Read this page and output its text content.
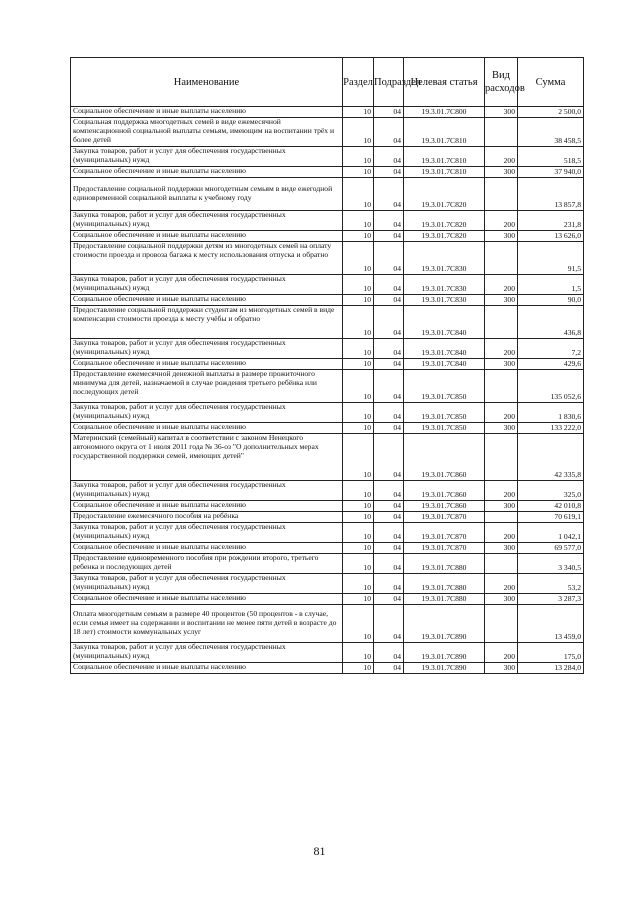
Наименование	Раздел	Подраздел	Целевая статья	Вид расходов	Сумма
Социальное обеспечение и иные выплаты населению	10	04	19.3.01.7С800	300	2 500,0
Социальная поддержка многодетных семей в виде ежемесячной компенсационной социальной выплаты семьям, имеющим на воспитании трёх и более детей	10	04	19.3.01.7С810		38 458,5
Закупка товаров, работ и услуг для обеспечения государственных (муниципальных) нужд	10	04	19.3.01.7С810	200	518,5
Социальное обеспечение и иные выплаты населению	10	04	19.3.01.7С810	300	37 940,0
Предоставление социальной поддержки многодетным семьям в виде ежегодной единовременной социальной выплаты к учебному году	10	04	19.3.01.7С820		13 857,8
Закупка товаров, работ и услуг для обеспечения государственных (муниципальных) нужд	10	04	19.3.01.7С820	200	231,8
Социальное обеспечение и иные выплаты населению	10	04	19.3.01.7С820	300	13 626,0
Предоставление социальной поддержки детям из многодетных семей на оплату стоимости проезда и провоза багажа к месту использования отпуска и обратно	10	04	19.3.01.7С830		91,5
Закупка товаров, работ и услуг для обеспечения государственных (муниципальных) нужд	10	04	19.3.01.7С830	200	1,5
Социальное обеспечение и иные выплаты населению	10	04	19.3.01.7С830	300	90,0
Предоставление социальной поддержки студентам из многодетных семей в виде компенсации стоимости проезда к месту учёбы и обратно	10	04	19.3.01.7С840		436,8
Закупка товаров, работ и услуг для обеспечения государственных (муниципальных) нужд	10	04	19.3.01.7С840	200	7,2
Социальное обеспечение и иные выплаты населению	10	04	19.3.01.7С840	300	429,6
Предоставление ежемесячной денежной выплаты в размере прожиточного минимума для детей, назначаемой в случае рождения третьего ребёнка или последующих детей	10	04	19.3.01.7С850		135 052,6
Закупка товаров, работ и услуг для обеспечения государственных (муниципальных) нужд	10	04	19.3.01.7С850	200	1 830,6
Социальное обеспечение и иные выплаты населению	10	04	19.3.01.7С850	300	133 222,0
Материнский (семейный) капитал в соответствии с законом Ненецкого автономного округа от 1 июля 2011 года № 36-оз "О дополнительных мерах государственной поддержки семей, имеющих детей"	10	04	19.3.01.7С860		42 335,8
Закупка товаров, работ и услуг для обеспечения государственных (муниципальных) нужд	10	04	19.3.01.7С860	200	325,0
Социальное обеспечение и иные выплаты населению	10	04	19.3.01.7С860	300	42 010,8
Предоставление ежемесячного пособия на ребёнка	10	04	19.3.01.7С870		70 619,1
Закупка товаров, работ и услуг для обеспечения государственных (муниципальных) нужд	10	04	19.3.01.7С870	200	1 042,1
Социальное обеспечение и иные выплаты населению	10	04	19.3.01.7С870	300	69 577,0
Предоставление единовременного пособия при рождении второго, третьего ребенка и последующих детей	10	04	19.3.01.7С880		3 340,5
Закупка товаров, работ и услуг для обеспечения государственных (муниципальных) нужд	10	04	19.3.01.7С880	200	53,2
Социальное обеспечение и иные выплаты населению	10	04	19.3.01.7С880	300	3 287,3
Оплата многодетным семьям в размере 40 процентов (50 процентов - в случае, если семья имеет на содержании и воспитании не менее пяти детей в возрасте до 18 лет) стоимости коммунальных услуг	10	04	19.3.01.7С890		13 459,0
Закупка товаров, работ и услуг для обеспечения государственных (муниципальных) нужд	10	04	19.3.01.7С890	200	175,0
Социальное обеспечение и иные выплаты населению	10	04	19.3.01.7С890	300	13 284,0
81
